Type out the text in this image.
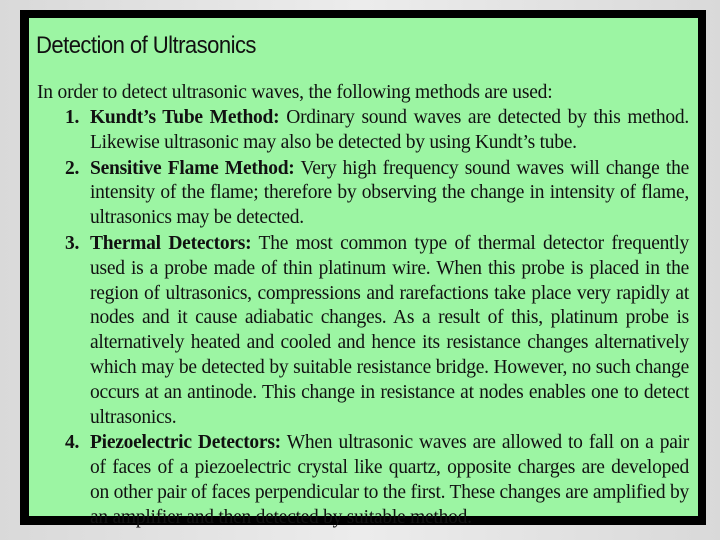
Detection of Ultrasonics
In order to detect ultrasonic waves, the following methods are used:
1. Kundt’s Tube Method: Ordinary sound waves are detected by this method. Likewise ultrasonic may also be detected by using Kundt’s tube.
2. Sensitive Flame Method: Very high frequency sound waves will change the intensity of the flame; therefore by observing the change in intensity of flame, ultrasonics may be detected.
3. Thermal Detectors: The most common type of thermal detector frequently used is a probe made of thin platinum wire. When this probe is placed in the region of ultrasonics, compressions and rarefactions take place very rapidly at nodes and it cause adiabatic changes. As a result of this, platinum probe is alternatively heated and cooled and hence its resistance changes alternatively which may be detected by suitable resistance bridge. However, no such change occurs at an antinode. This change in resistance at nodes enables one to detect ultrasonics.
4. Piezoelectric Detectors: When ultrasonic waves are allowed to fall on a pair of faces of a piezoelectric crystal like quartz, opposite charges are developed on other pair of faces perpendicular to the first. These changes are amplified by an amplifier and then detected by suitable method.
